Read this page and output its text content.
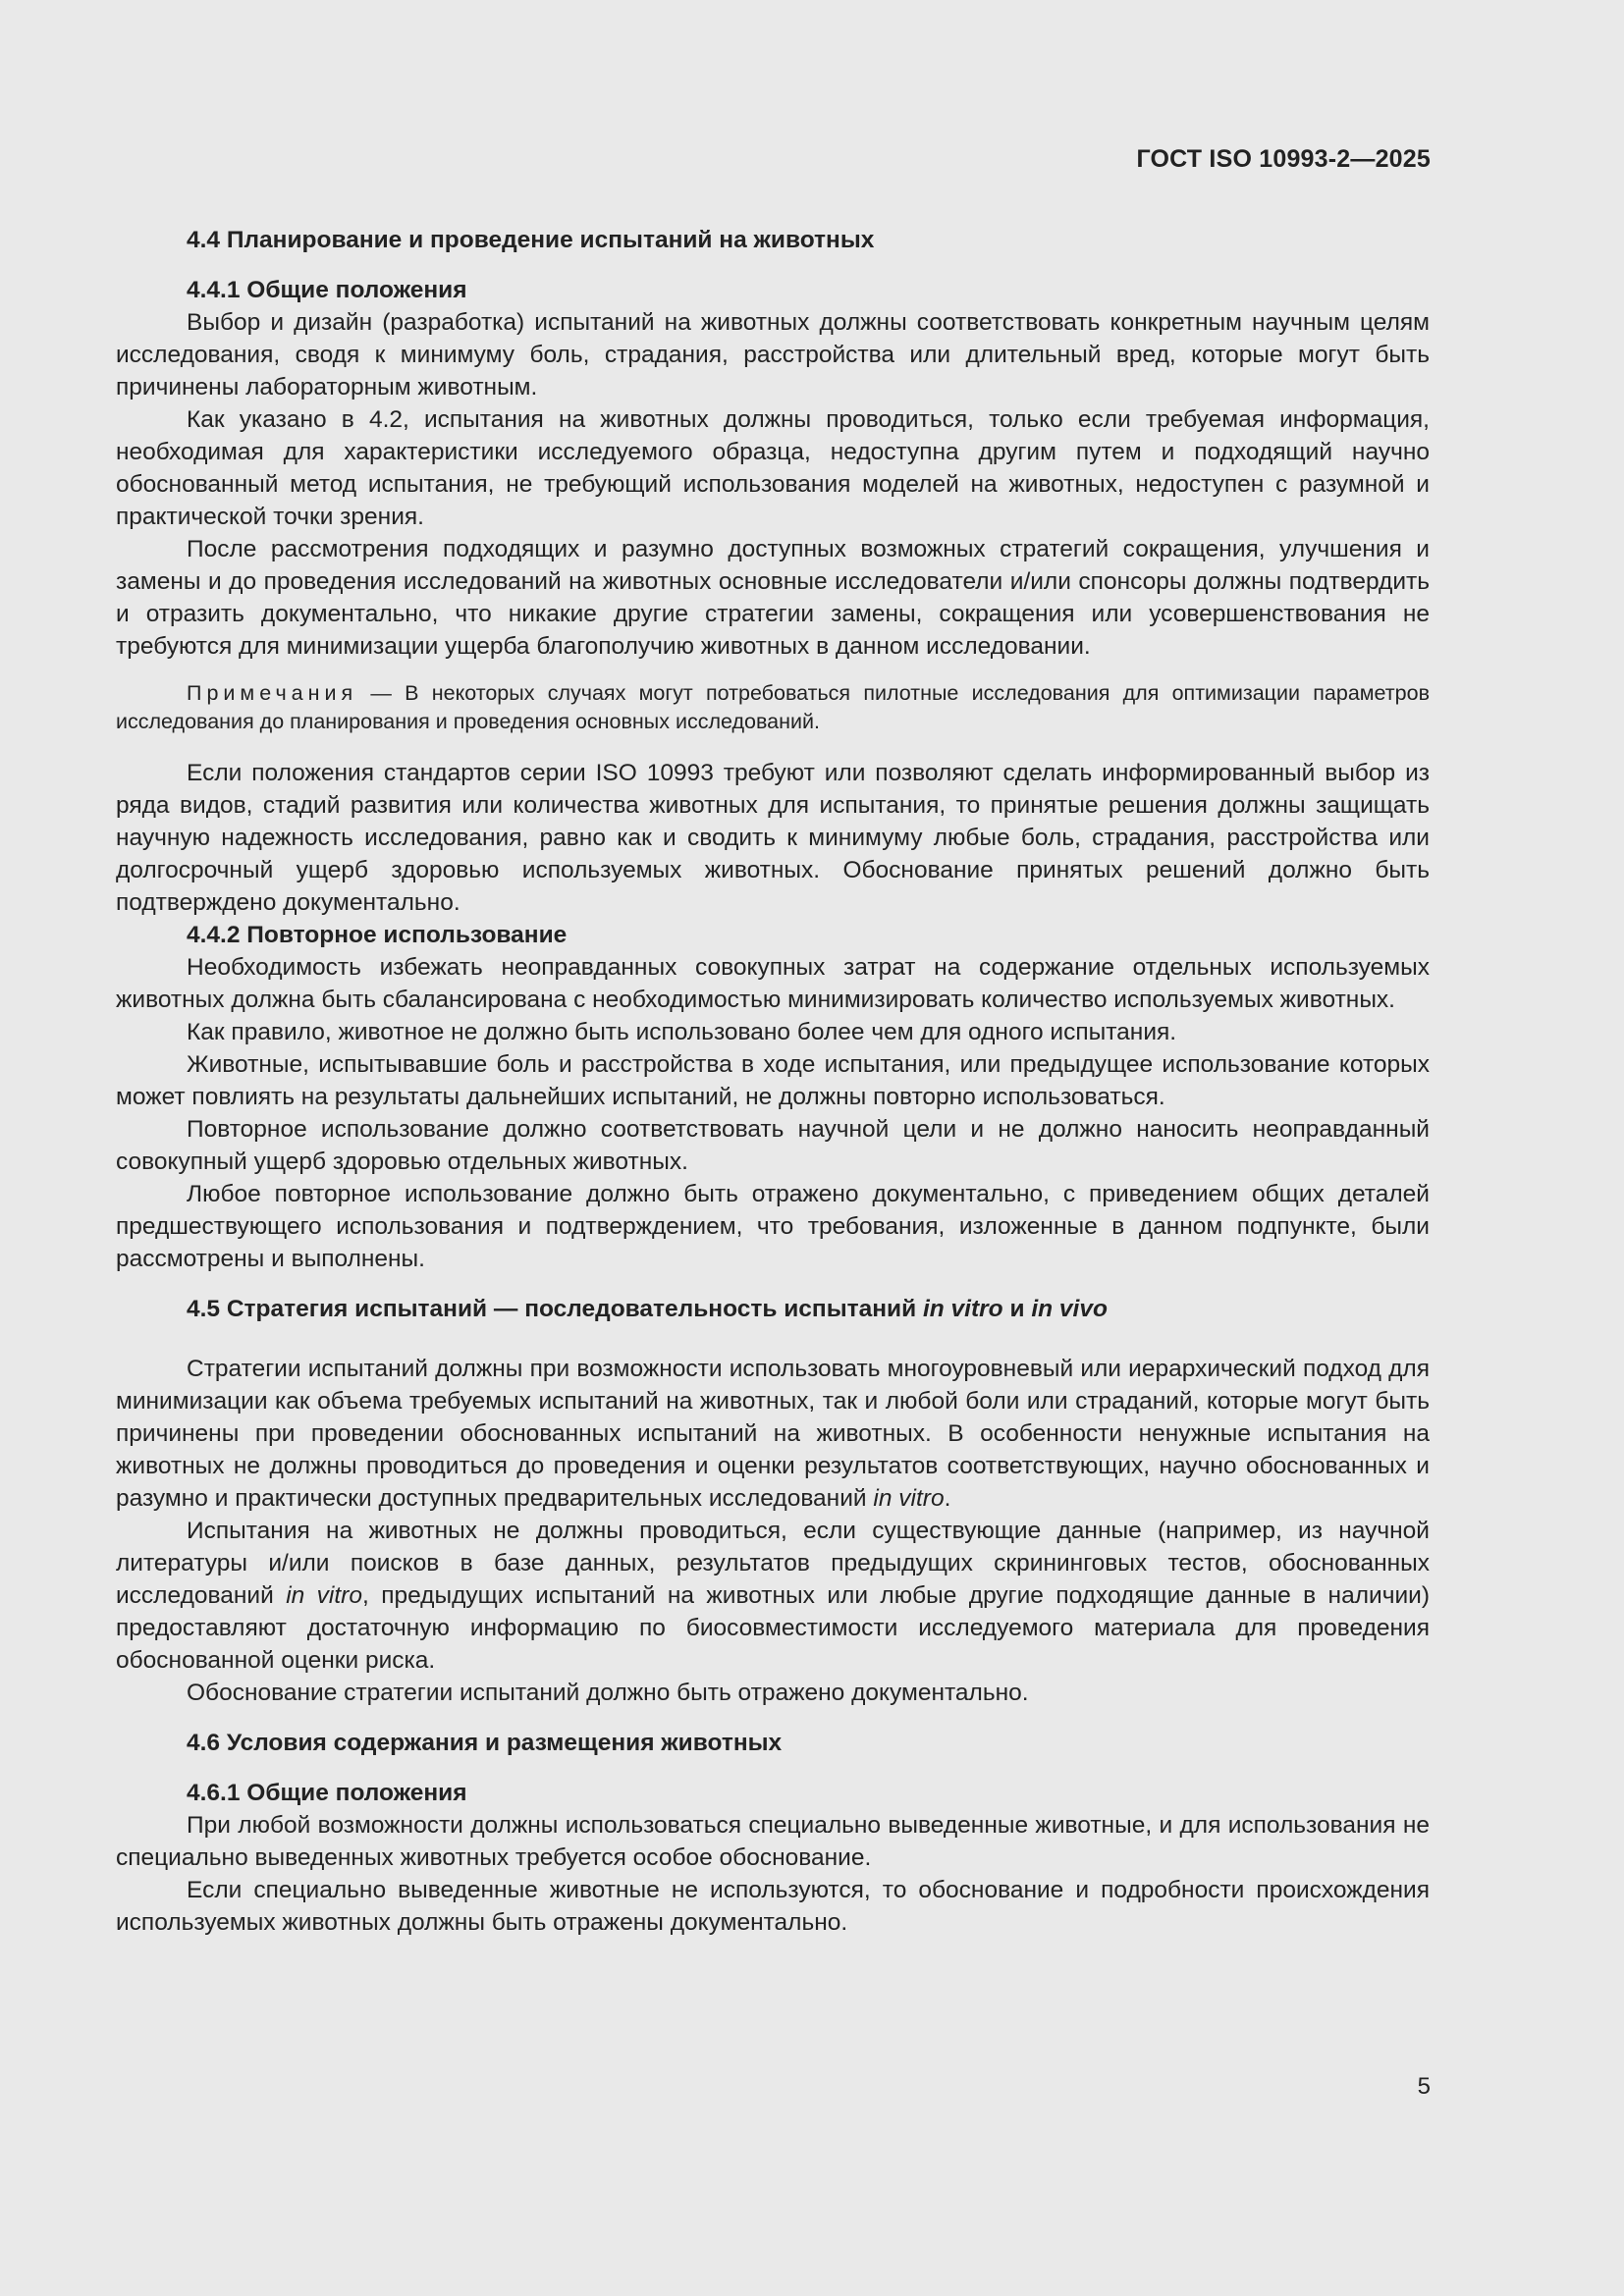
ГОСТ ISO 10993-2—2025

4.4 Планирование и проведение испытаний на животных

4.4.1 Общие положения

Выбор и дизайн (разработка) испытаний на животных должны соответствовать конкретным научным целям исследования, сводя к минимуму боль, страдания, расстройства или длительный вред, которые могут быть причинены лабораторным животным.

Как указано в 4.2, испытания на животных должны проводиться, только если требуемая информация, необходимая для характеристики исследуемого образца, недоступна другим путем и подходящий научно обоснованный метод испытания, не требующий использования моделей на животных, недоступен с разумной и практической точки зрения.

После рассмотрения подходящих и разумно доступных возможных стратегий сокращения, улучшения и замены и до проведения исследований на животных основные исследователи и/или спонсоры должны подтвердить и отразить документально, что никакие другие стратегии замены, сокращения или усовершенствования не требуются для минимизации ущерба благополучию животных в данном исследовании.

Примечания — В некоторых случаях могут потребоваться пилотные исследования для оптимизации параметров исследования до планирования и проведения основных исследований.

Если положения стандартов серии ISO 10993 требуют или позволяют сделать информированный выбор из ряда видов, стадий развития или количества животных для испытания, то принятые решения должны защищать научную надежность исследования, равно как и сводить к минимуму любые боль, страдания, расстройства или долгосрочный ущерб здоровью используемых животных. Обоснование принятых решений должно быть подтверждено документально.

4.4.2 Повторное использование

Необходимость избежать неоправданных совокупных затрат на содержание отдельных используемых животных должна быть сбалансирована с необходимостью минимизировать количество используемых животных.

Как правило, животное не должно быть использовано более чем для одного испытания.

Животные, испытывавшие боль и расстройства в ходе испытания, или предыдущее использование которых может повлиять на результаты дальнейших испытаний, не должны повторно использоваться.

Повторное использование должно соответствовать научной цели и не должно наносить неоправданный совокупный ущерб здоровью отдельных животных.

Любое повторное использование должно быть отражено документально, с приведением общих деталей предшествующего использования и подтверждением, что требования, изложенные в данном подпункте, были рассмотрены и выполнены.

4.5 Стратегия испытаний — последовательность испытаний in vitro и in vivo

Стратегии испытаний должны при возможности использовать многоуровневый или иерархический подход для минимизации как объема требуемых испытаний на животных, так и любой боли или страданий, которые могут быть причинены при проведении обоснованных испытаний на животных. В особенности ненужные испытания на животных не должны проводиться до проведения и оценки результатов соответствующих, научно обоснованных и разумно и практически доступных предварительных исследований in vitro.

Испытания на животных не должны проводиться, если существующие данные (например, из научной литературы и/или поисков в базе данных, результатов предыдущих скрининговых тестов, обоснованных исследований in vitro, предыдущих испытаний на животных или любые другие подходящие данные в наличии) предоставляют достаточную информацию по биосовместимости исследуемого материала для проведения обоснованной оценки риска.

Обоснование стратегии испытаний должно быть отражено документально.

4.6 Условия содержания и размещения животных

4.6.1 Общие положения

При любой возможности должны использоваться специально выведенные животные, и для использования не специально выведенных животных требуется особое обоснование.

Если специально выведенные животные не используются, то обоснование и подробности происхождения используемых животных должны быть отражены документально.

5
